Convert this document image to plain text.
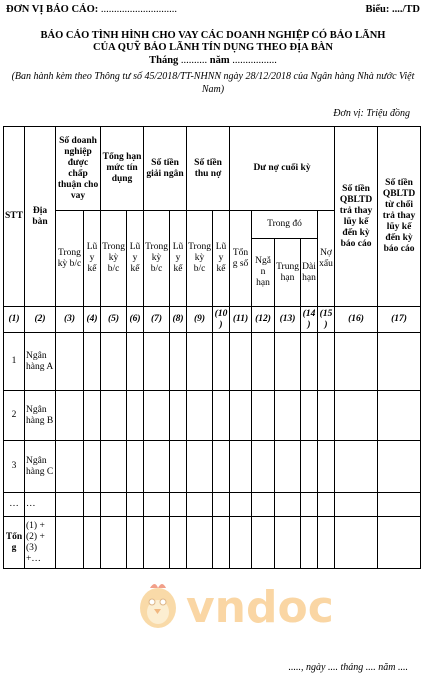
ĐƠN VỊ BÁO CÁO: .............................	Biểu: ..../TD
BÁO CÁO TÌNH HÌNH CHO VAY CÁC DOANH NGHIỆP CÓ BẢO LÃNH
CỦA QUỸ BẢO LÃNH TÍN DỤNG THEO ĐỊA BÀN
Tháng .......... năm .................
(Ban hành kèm theo Thông tư số 45/2018/TT-NHNN ngày 28/12/2018 của Ngân hàng Nhà nước Việt Nam)
Đơn vị: Triệu đồng
STT	Địa bàn	Số doanh nghiệp được chấp thuận cho vay		Tổng hạn mức tín dụng		Số tiền giải ngân		Số tiền thu nợ		Dư nợ cuối kỳ					Số tiền QBLTD trả thay lũy kế đến kỳ báo cáo	Số tiền QBLTD từ chối trả thay lũy kế đến kỳ báo cáo
		Trong kỳ b/c	Lũy kế	Trong kỳ b/c	Lũy kế	Trong kỳ b/c	Lũy kế	Trong kỳ b/c	Lũy kế	Tổng số	Trong đó			Nợ xấu		
											Ngắn hạn	Trung hạn	Dài hạn			
(1)	(2)	(3)	(4)	(5)	(6)	(7)	(8)	(9)	(10)	(11)	(12)	(13)	(14)	(15)	(16)	(17)
1	Ngân hàng A															
2	Ngân hàng B															
3	Ngân hàng C															
…	…															
Tổng	(1) + (2) + (3) +…															
vndoc
....., ngày .... tháng .... năm ....
